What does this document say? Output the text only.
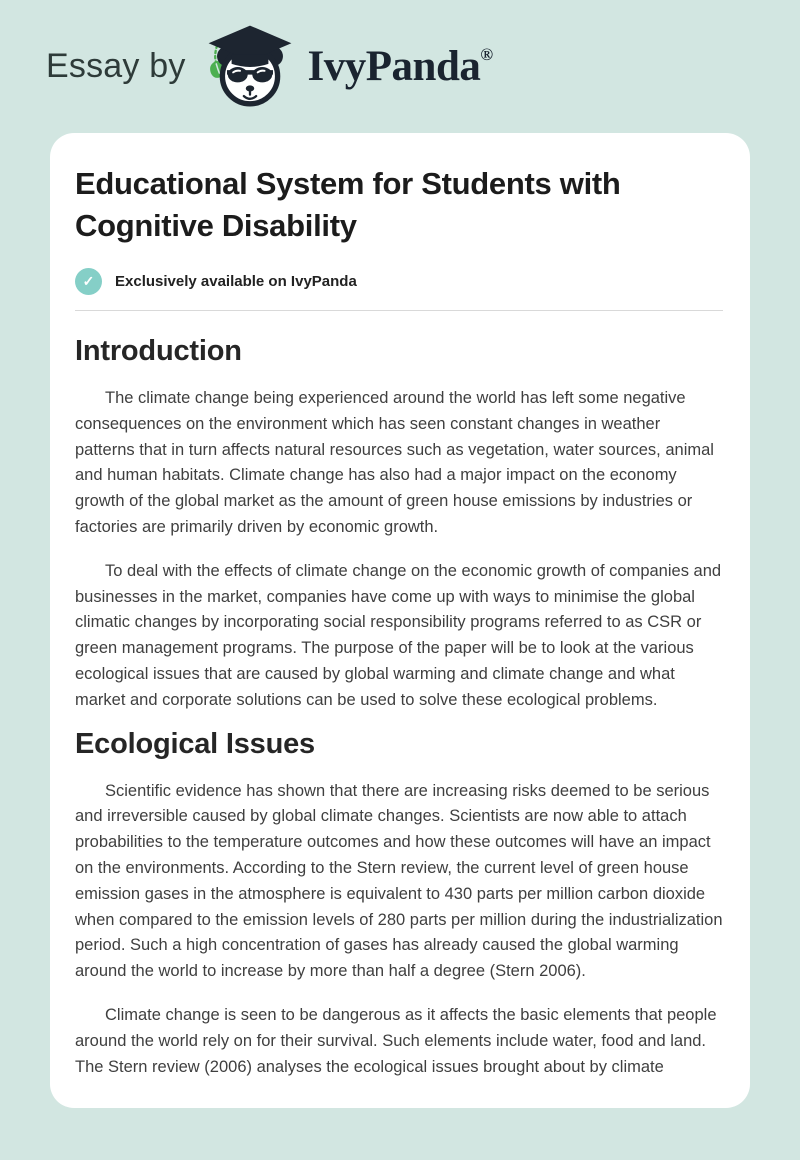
Essay by	IvyPanda®
Educational System for Students with Cognitive Disability
✓	Exclusively available on IvyPanda
Introduction

The climate change being experienced around the world has left some negative consequences on the environment which has seen constant changes in weather patterns that in turn affects natural resources such as vegetation, water sources, animal and human habitats. Climate change has also had a major impact on the economy growth of the global market as the amount of green house emissions by industries or factories are primarily driven by economic growth.

To deal with the effects of climate change on the economic growth of companies and businesses in the market, companies have come up with ways to minimise the global climatic changes by incorporating social responsibility programs referred to as CSR or green management programs. The purpose of the paper will be to look at the various ecological issues that are caused by global warming and climate change and what market and corporate solutions can be used to solve these ecological problems.

Ecological Issues

Scientific evidence has shown that there are increasing risks deemed to be serious and irreversible caused by global climate changes. Scientists are now able to attach probabilities to the temperature outcomes and how these outcomes will have an impact on the environments. According to the Stern review, the current level of green house emission gases in the atmosphere is equivalent to 430 parts per million carbon dioxide when compared to the emission levels of 280 parts per million during the industrialization period. Such a high concentration of gases has already caused the global warming around the world to increase by more than half a degree (Stern 2006).

Climate change is seen to be dangerous as it affects the basic elements that people around the world rely on for their survival. Such elements include water, food and land. The Stern review (2006) analyses the ecological issues brought about by climate
